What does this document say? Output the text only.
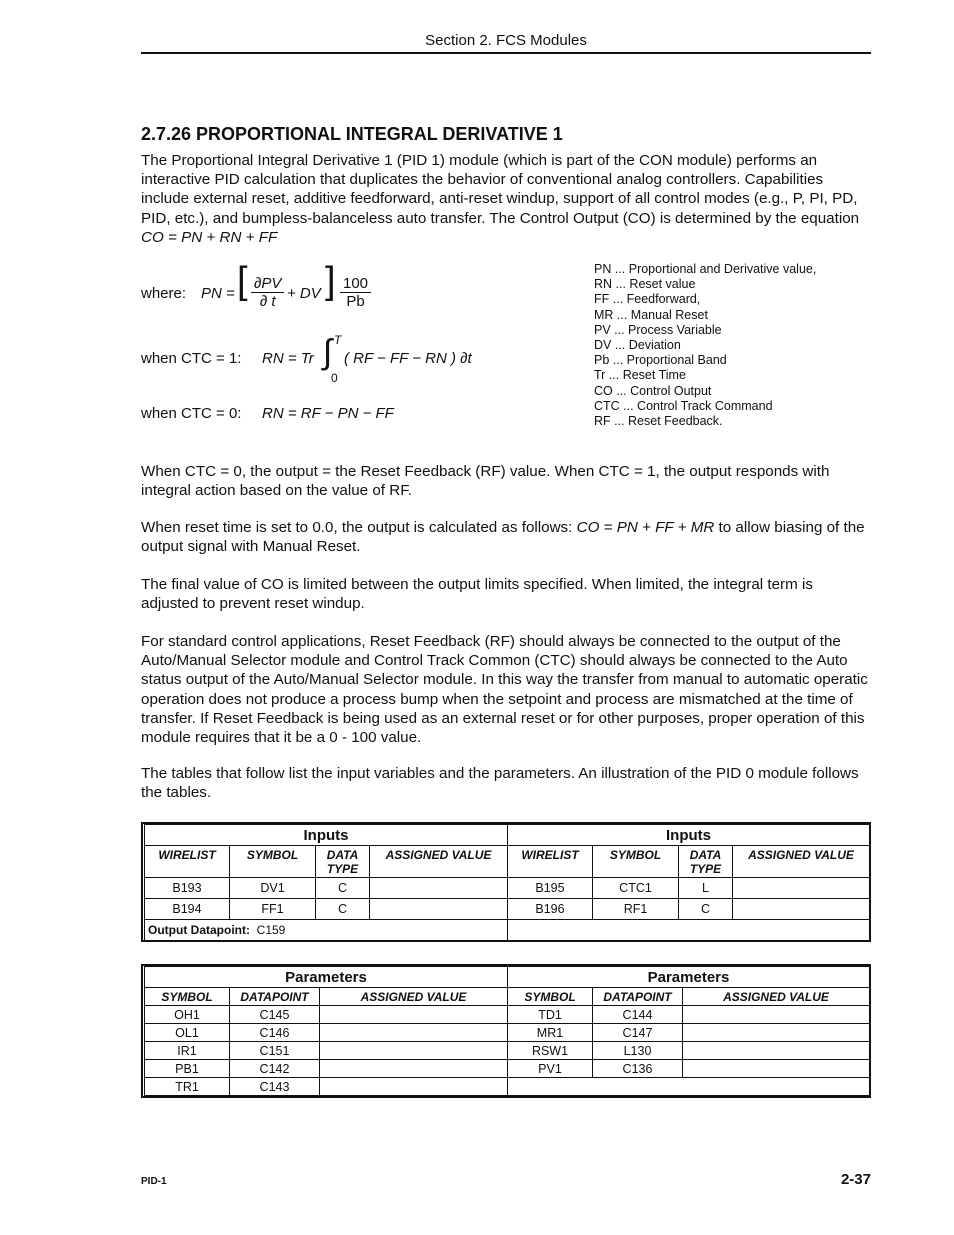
Section 2. FCS Modules
2.7.26 PROPORTIONAL INTEGRAL DERIVATIVE 1

The Proportional Integral Derivative 1 (PID 1) module (which is part of the CON module) performs an interactive PID calculation that duplicates the behavior of conventional analog controllers. Capabilities include external reset, additive feedforward, anti-reset windup, support of all control modes (e.g., P, PI, PD, PID, etc.), and bumpless-balanceless auto transfer. The Control Output (CO) is determined by the equation  CO = PN + RN + FF

where: PN = [ $\frac{\partial PV}{\partial t}$ + DV ] $\frac{100}{Pb}$
when CTC = 1: RN = Tr ∫ T
0
( RF − FF − RN ) ∂t
when CTC = 0: RN = RF − PN − FF
PN ... Proportional and Derivative value,
RN ... Reset value
FF ... Feedforward,
MR ... Manual Reset
PV ... Process Variable
DV ... Deviation
Pb ... Proportional Band
Tr ... Reset Time
CO ... Control Output
CTC ... Control Track Command
RF ... Reset Feedback.

When CTC = 0, the output = the Reset Feedback (RF) value. When CTC = 1, the output responds with integral action based on the value of RF.

When reset time is set to 0.0, the output is calculated as follows: CO = PN + FF + MR to allow biasing of the output signal with Manual Reset.

The final value of CO is limited between the output limits specified. When limited, the integral term is adjusted to prevent reset windup.

For standard control applications, Reset Feedback (RF) should always be connected to the output of the Auto/Manual Selector module and Control Track Common (CTC) should always be connected to the Auto status output of the Auto/Manual Selector module. In this way the transfer from manual to automatic operatic operation does not produce a process bump when the setpoint and process are mismatched at the time of transfer. If Reset Feedback is being used as an external reset or for other purposes, proper operation of this module requires that it be a 0 - 100 value.

The tables that follow list the input variables and the parameters. An illustration of the PID 0 module follows the tables.

Inputs			
WIRELIST	SYMBOL	DATA
TYPE	ASSIGNED VALUE
B193	DV1	C	
B194	FF1	C	
Output Datapoint: C159			
Inputs			
WIRELIST	SYMBOL	DATA
TYPE	ASSIGNED VALUE
B195	CTC1	L	
B196	RF1	C	

Parameters		
SYMBOL	DATAPOINT	ASSIGNED VALUE
OH1	C145	
OL1	C146	
IR1	C151	
PB1	C142	
TR1	C143	
Parameters		
SYMBOL	DATAPOINT	ASSIGNED VALUE
TD1	C144	
MR1	C147	
RSW1	L130	
PV1	C136	

PID-1	2-37
